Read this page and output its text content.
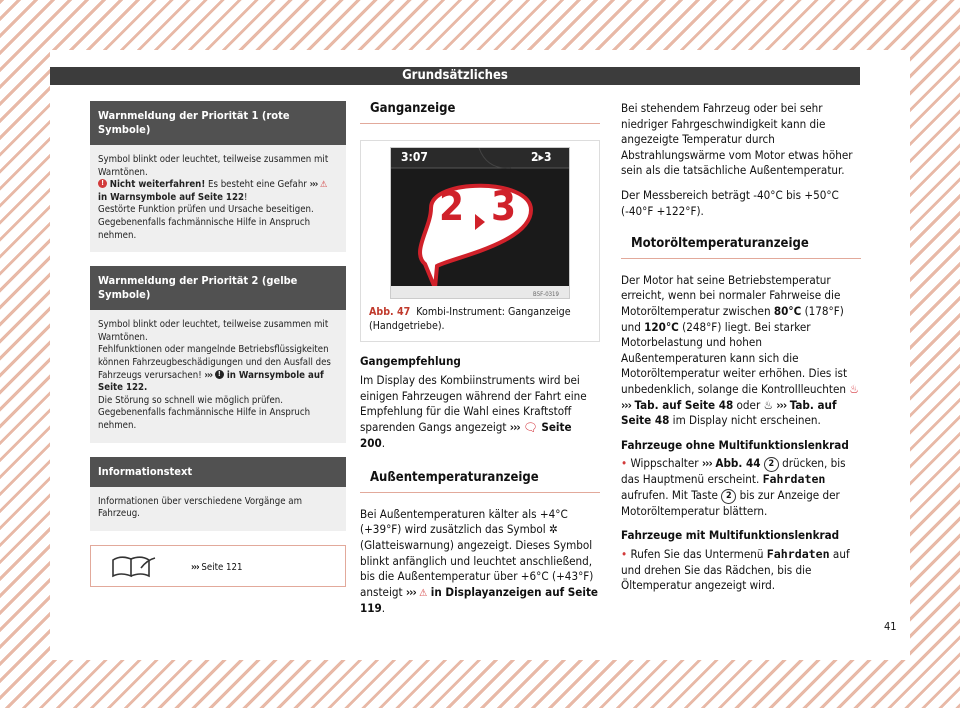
Grundsätzliches
Warnmeldung der Priorität 1 (rote Symbole)
Symbol blinkt oder leuchtet, teilweise zusammen mit Warntönen.
! Nicht weiterfahren! Es besteht eine Gefahr ››› ⚠ in Warnsymbole auf Seite 122!
Gestörte Funktion prüfen und Ursache beseitigen. Gegebenenfalls fachmännische Hilfe in Anspruch nehmen.
Warnmeldung der Priorität 2 (gelbe Symbole)
Symbol blinkt oder leuchtet, teilweise zusammen mit Warntönen.
Fehlfunktionen oder mangelnde Betriebsflüssigkeiten können Fahrzeugbeschädigungen und den Ausfall des Fahrzeugs verursachen! ››› ! in Warnsymbole auf Seite 122.
Die Störung so schnell wie möglich prüfen. Gegebenenfalls fachmännische Hilfe in Anspruch nehmen.
Informationstext
Informationen über verschiedene Vorgänge am Fahrzeug.
››› Seite 121
Ganganzeige
3:07	2▸3
2 3
B5F-0319
Abb. 47 Kombi-Instrument: Ganganzeige (Handgetriebe).
Gangempfehlung
Im Display des Kombiinstruments wird bei einigen Fahrzeugen während der Fahrt eine Empfehlung für die Wahl eines Kraftstoff sparenden Gangs angezeigt ››› 🗨 Seite 200.
Außentemperaturanzeige
Bei Außentemperaturen kälter als +4°C (+39°F) wird zusätzlich das Symbol ✲ (Glatteiswarnung) angezeigt. Dieses Symbol blinkt anfänglich und leuchtet anschließend, bis die Außentemperatur über +6°C (+43°F) ansteigt ››› ⚠ in Displayanzeigen auf Seite 119.
Bei stehendem Fahrzeug oder bei sehr niedriger Fahrgeschwindigkeit kann die angezeigte Temperatur durch Abstrahlungswärme vom Motor etwas höher sein als die tatsächliche Außentemperatur.
Der Messbereich beträgt -40°C bis +50°C (-40°F +122°F).
Motoröltemperaturanzeige
Der Motor hat seine Betriebstemperatur erreicht, wenn bei normaler Fahrweise die Motoröltemperatur zwischen 80°C (178°F) und 120°C (248°F) liegt. Bei starker Motorbelastung und hohen Außentemperaturen kann sich die Motoröltemperatur weiter erhöhen. Dies ist unbedenklich, solange die Kontrollleuchten ♨ ››› Tab. auf Seite 48 oder ♨ ››› Tab. auf Seite 48 im Display nicht erscheinen.
Fahrzeuge ohne Multifunktionslenkrad
• Wippschalter ››› Abb. 44 2 drücken, bis das Hauptmenü erscheint. Fahrdaten aufrufen. Mit Taste 2 bis zur Anzeige der Motoröltemperatur blättern.
Fahrzeuge mit Multifunktionslenkrad
• Rufen Sie das Untermenü Fahrdaten auf und drehen Sie das Rädchen, bis die Öltemperatur angezeigt wird.
41
